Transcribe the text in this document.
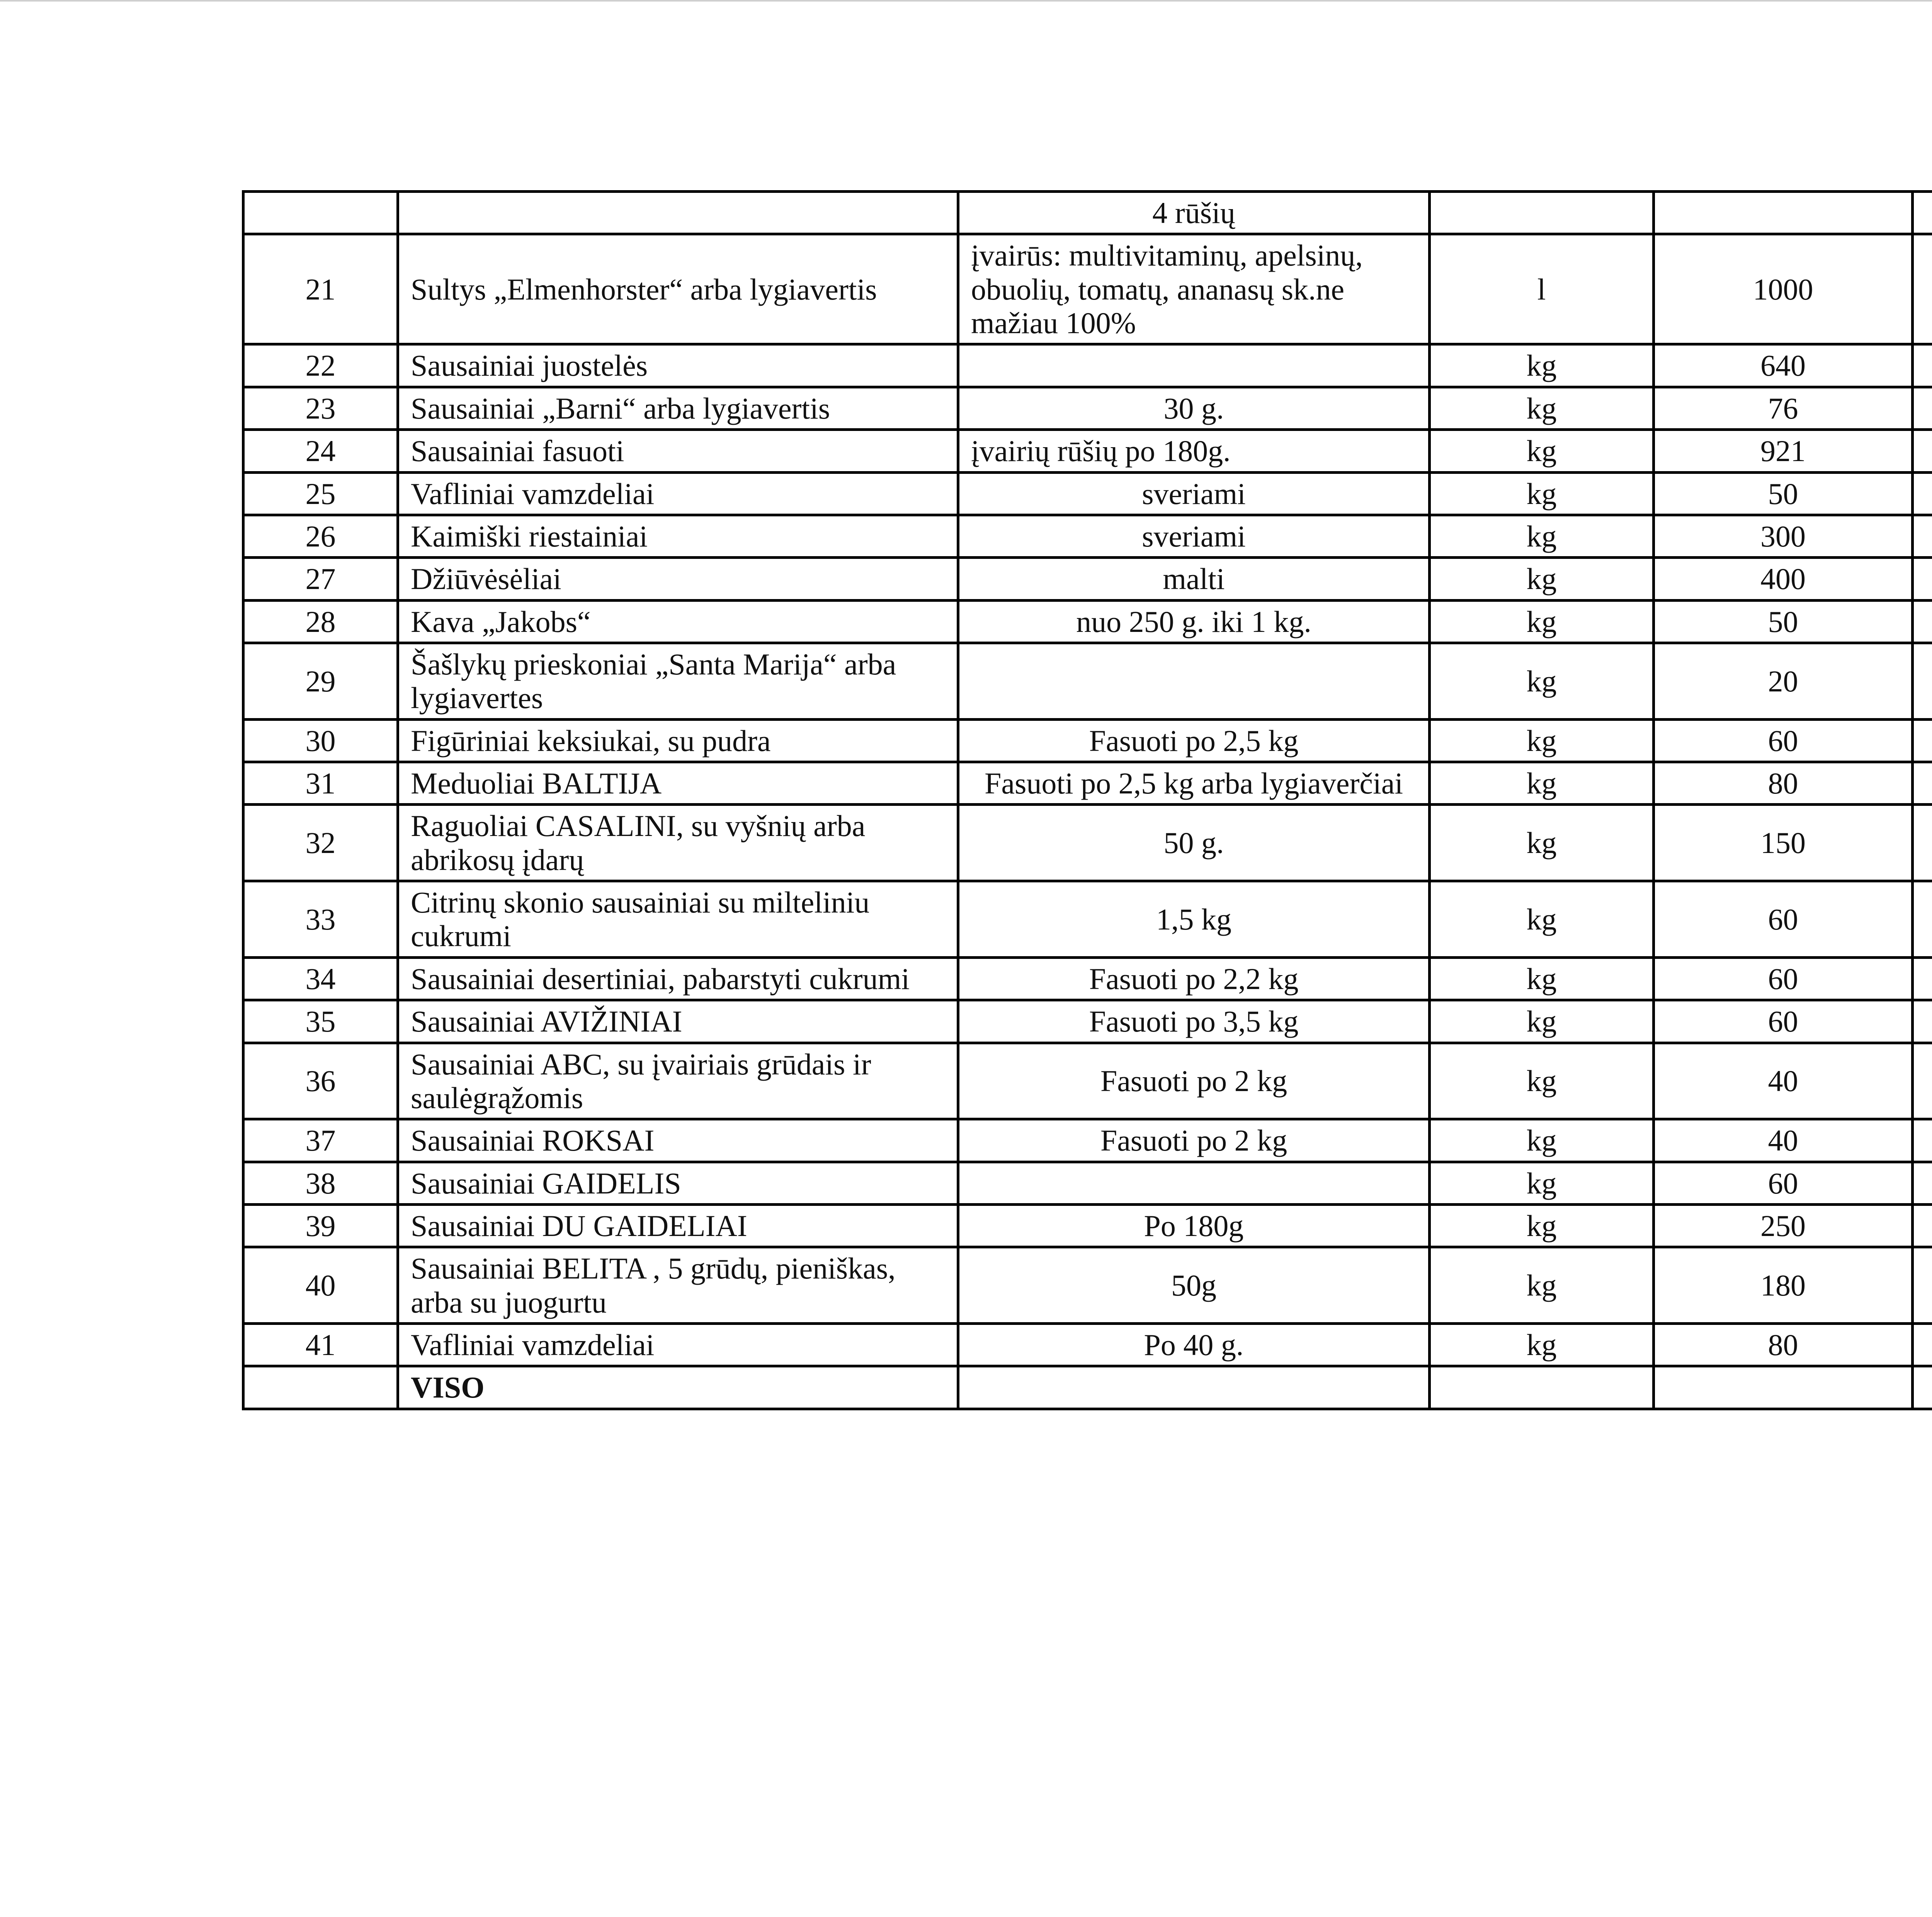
		4 rūšių					
21	Sultys „Elmenhorster“ arba lygiavertis	įvairūs: multivitaminų, apelsinų, obuolių, tomatų, ananasų sk.ne mažiau 100%	l	1000			
22	Sausainiai juostelės		kg	640			
23	Sausainiai „Barni“ arba lygiavertis	30 g.	kg	76			
24	Sausainiai fasuoti	įvairių rūšių po 180g.	kg	921			
25	Vafliniai vamzdeliai	sveriami	kg	50			
26	Kaimiški riestainiai	sveriami	kg	300			
27	Džiūvėsėliai	malti	kg	400			
28	Kava „Jakobs“	nuo 250 g. iki 1 kg.	kg	50			
29	Šašlykų prieskoniai „Santa Marija“ arba lygiavertes		kg	20			
30	Figūriniai keksiukai, su pudra	Fasuoti po 2,5 kg	kg	60			
31	Meduoliai BALTIJA	Fasuoti po 2,5 kg arba lygiaverčiai	kg	80			
32	Raguoliai CASALINI, su vyšnių arba abrikosų įdarų	50 g.	kg	150			
33	Citrinų skonio sausainiai su milteliniu cukrumi	1,5 kg	kg	60			
34	Sausainiai desertiniai, pabarstyti cukrumi	Fasuoti po 2,2 kg	kg	60			
35	Sausainiai AVIŽINIAI	Fasuoti po 3,5 kg	kg	60			
36	Sausainiai ABC, su įvairiais grūdais ir saulėgrąžomis	Fasuoti po 2 kg	kg	40			
37	Sausainiai ROKSAI	Fasuoti po 2 kg	kg	40			
38	Sausainiai GAIDELIS		kg	60			
39	Sausainiai DU GAIDELIAI	Po 180g	kg	250			
40	Sausainiai BELITA , 5 grūdų, pieniškas, arba su juogurtu	50g	kg	180			
41	Vafliniai vamzdeliai	Po 40 g.	kg	80			
	VISO						
